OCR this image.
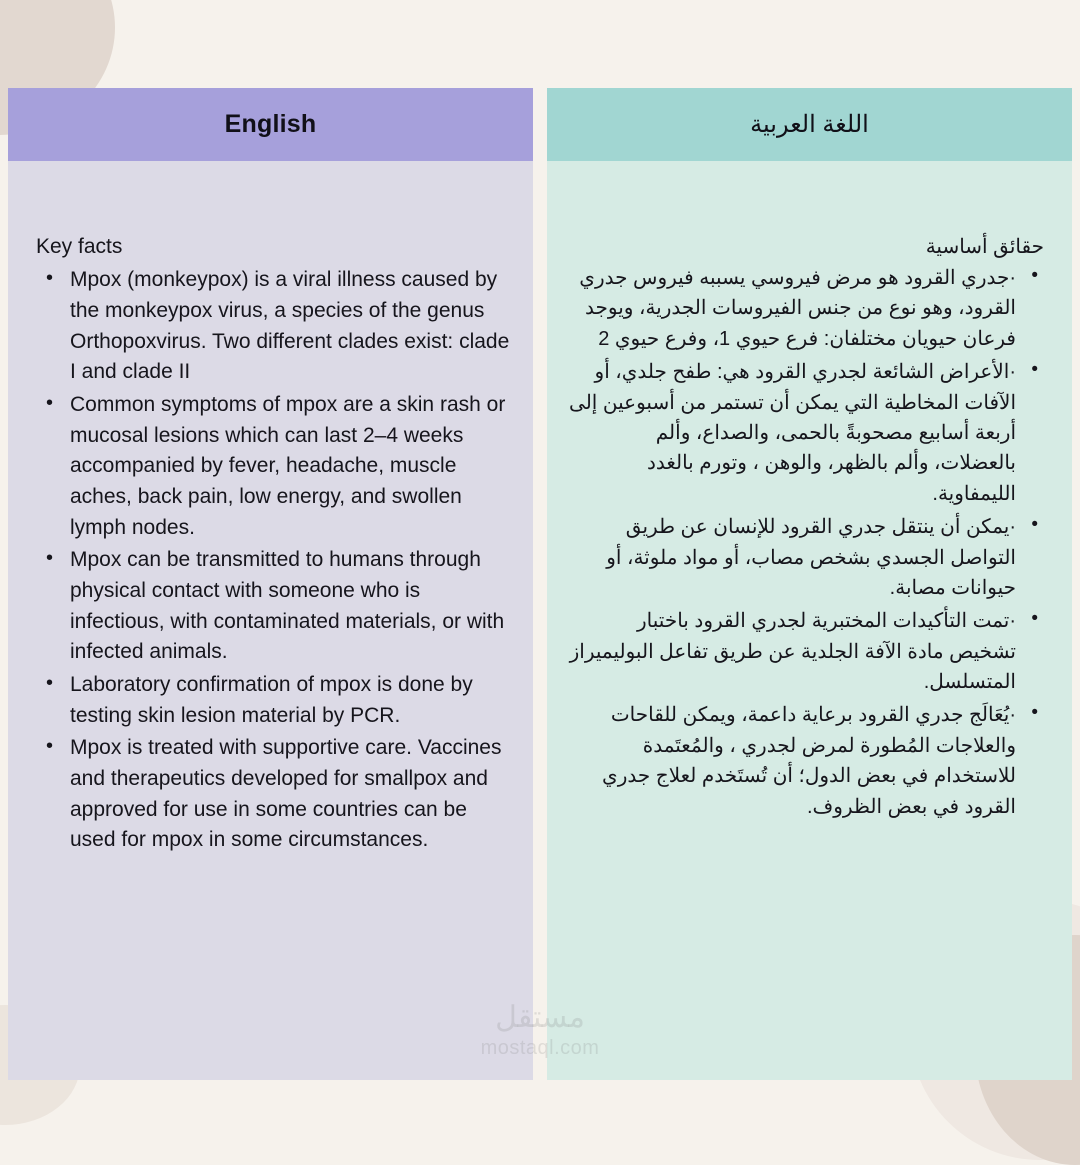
English
Key facts
• Mpox (monkeypox) is a viral illness caused by the monkeypox virus, a species of the genus Orthopoxvirus. Two different clades exist: clade I and clade II
• Common symptoms of mpox are a skin rash or mucosal lesions which can last 2–4 weeks accompanied by fever, headache, muscle aches, back pain, low energy, and swollen lymph nodes.
• Mpox can be transmitted to humans through physical contact with someone who is infectious, with contaminated materials, or with infected animals.
• Laboratory confirmation of mpox is done by testing skin lesion material by PCR.
• Mpox is treated with supportive care. Vaccines and therapeutics developed for smallpox and approved for use in some countries can be used for mpox in some circumstances.
اللغة العربية
حقائق أساسية
• ·جدري القرود هو مرض فيروسي يسببه فيروس جدري القرود، وهو نوع من جنس الفيروسات الجدرية، ويوجد فرعان حيويان مختلفان: فرع حيوي 1، وفرع حيوي 2
• ·الأعراض الشائعة لجدري القرود هي: طفح جلدي، أو الآفات المخاطية التي يمكن أن تستمر من أسبوعين إلى أربعة أسابيع مصحوبةً بالحمى، والصداع، وألم بالعضلات، وألم بالظهر، والوهن ، وتورم بالغدد الليمفاوية.
• ·يمكن أن ينتقل جدري القرود للإنسان عن طريق التواصل الجسدي بشخص مصاب، أو مواد ملوثة، أو حيوانات مصابة.
• ·تمت التأكيدات المختبرية لجدري القرود باختبار تشخيص مادة الآفة الجلدية عن طريق تفاعل البوليميراز المتسلسل.
• ·يُعَالَج جدري القرود برعاية داعمة، ويمكن للقاحات والعلاجات المُطورة لمرض لجدري ، والمُعتَمدة للاستخدام في بعض الدول؛ أن تُستَخدم لعلاج جدري القرود في بعض الظروف.
مستقل
mostaql.com
